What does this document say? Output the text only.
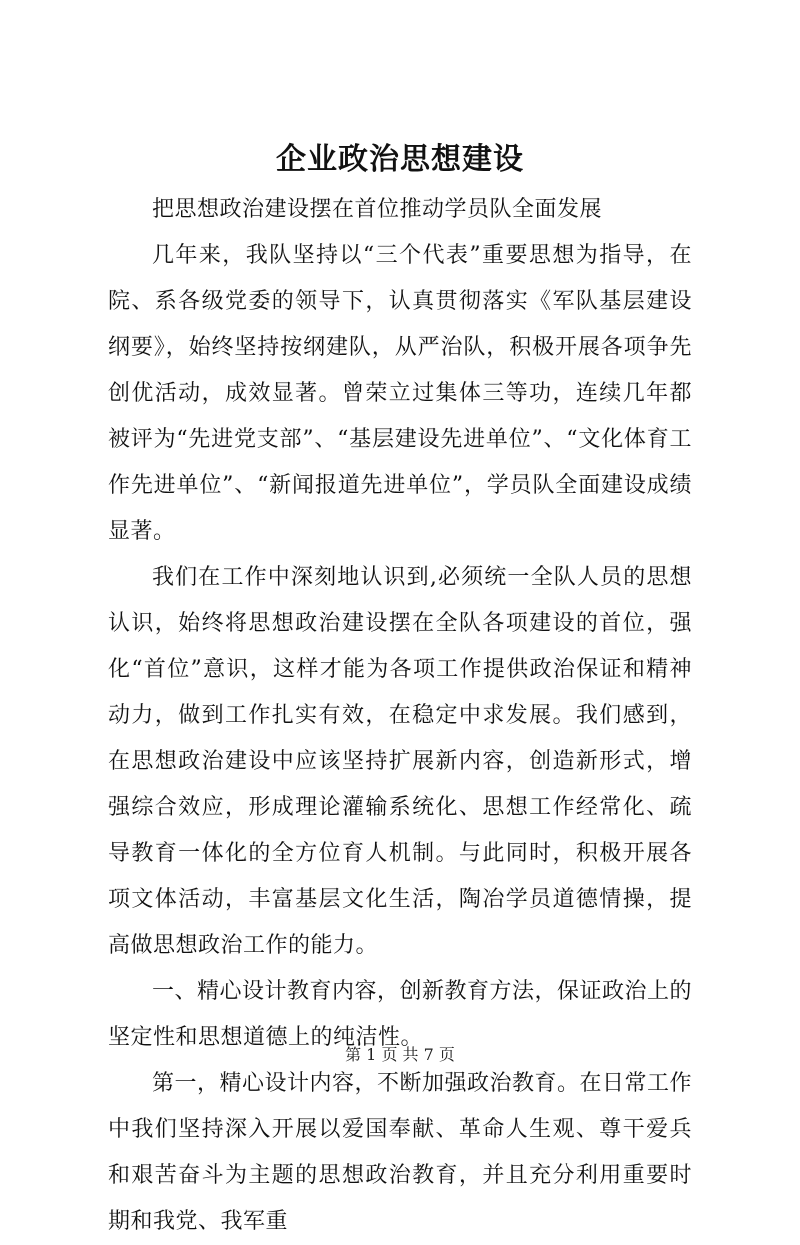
企业政治思想建设

把思想政治建设摆在首位推动学员队全面发展

几年来，我队坚持以“三个代表”重要思想为指导，在院、系各级党委的领导下，认真贯彻落实《军队基层建设纲要》，始终坚持按纲建队，从严治队，积极开展各项争先创优活动，成效显著。曾荣立过集体三等功，连续几年都被评为“先进党支部”、“基层建设先进单位”、“文化体育工作先进单位”、“新闻报道先进单位”，学员队全面建设成绩显著。

我们在工作中深刻地认识到,必须统一全队人员的思想认识，始终将思想政治建设摆在全队各项建设的首位，强化“首位”意识，这样才能为各项工作提供政治保证和精神动力，做到工作扎实有效，在稳定中求发展。我们感到，在思想政治建设中应该坚持扩展新内容，创造新形式，增强综合效应，形成理论灌输系统化、思想工作经常化、疏导教育一体化的全方位育人机制。与此同时，积极开展各项文体活动，丰富基层文化生活，陶冶学员道德情操，提高做思想政治工作的能力。

一、精心设计教育内容，创新教育方法，保证政治上的坚定性和思想道德上的纯洁性。

第一，精心设计内容，不断加强政治教育。在日常工作中我们坚持深入开展以爱国奉献、革命人生观、尊干爱兵和艰苦奋斗为主题的思想政治教育，并且充分利用重要时期和我党、我军重

第 1 页 共 7 页
